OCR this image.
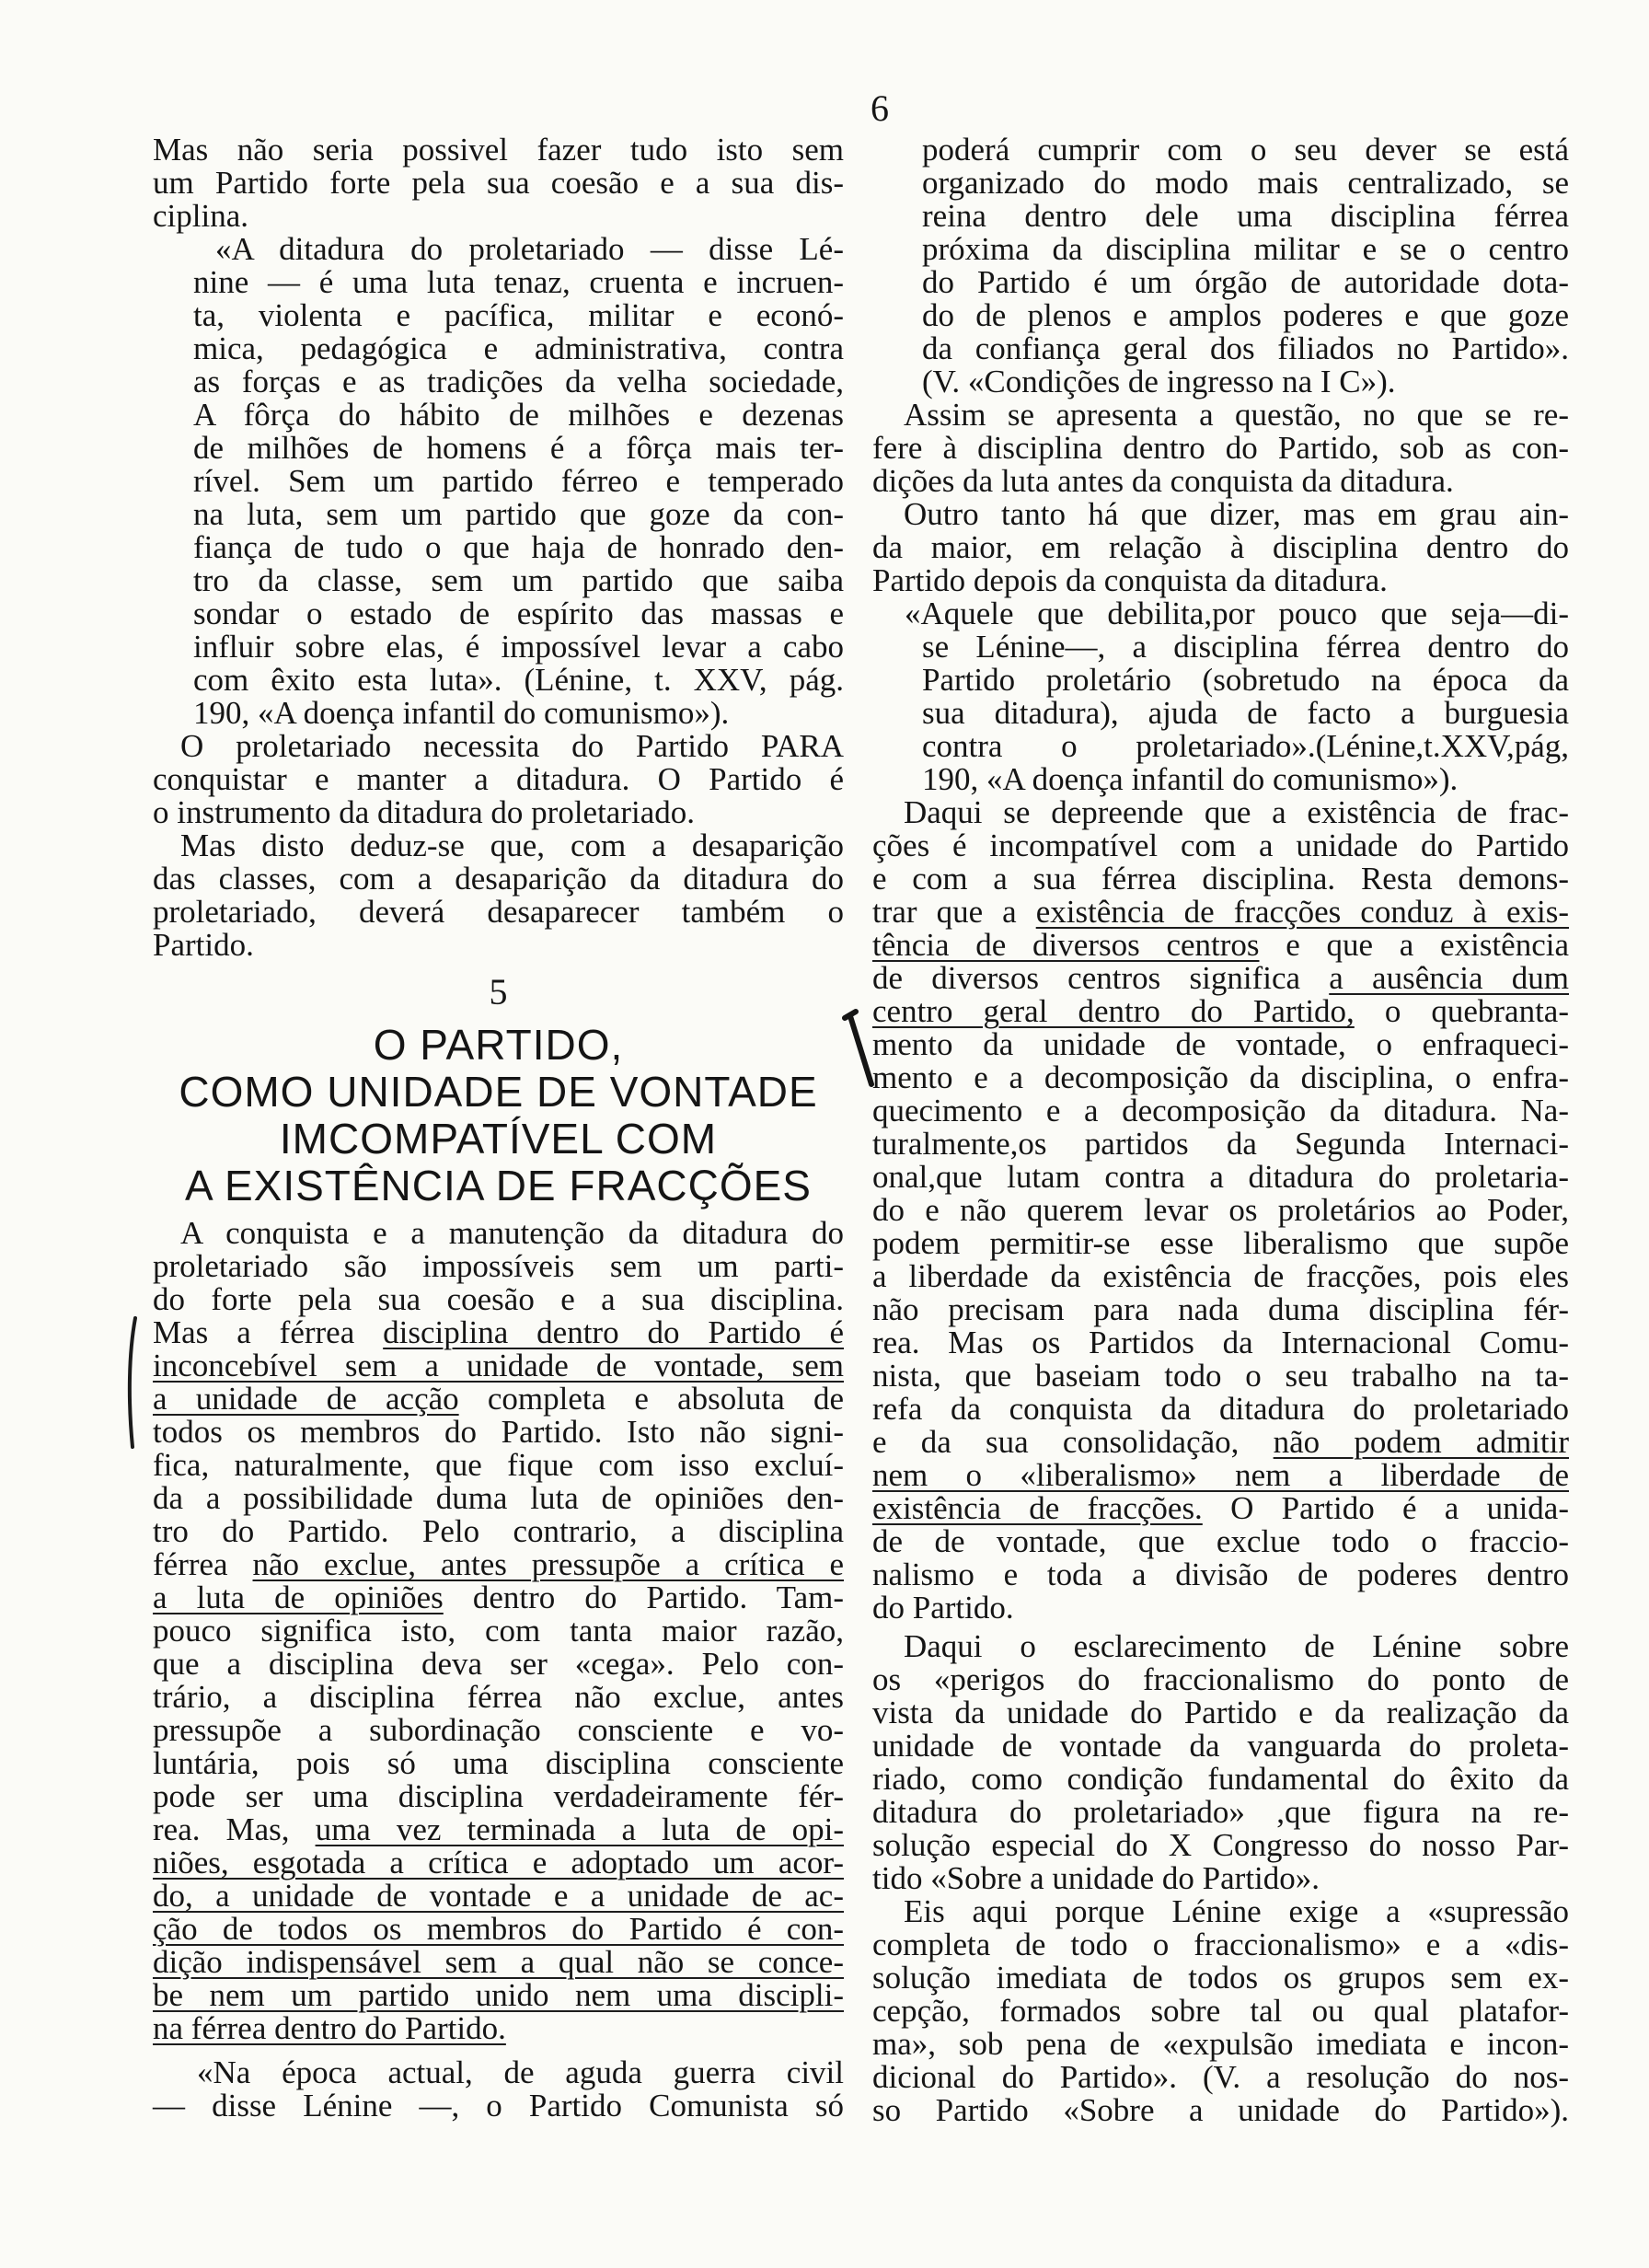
6
Mas não seria possivel fazer tudo isto sem
um Partido forte pela sua coesão e a sua dis-
ciplina.
«A ditadura do proletariado — disse Lé-
nine — é uma luta tenaz, cruenta e incruen-
ta, violenta e pacífica, militar e econó-
mica, pedagógica e administrativa, contra
as forças e as tradições da velha sociedade,
A fôrça do hábito de milhões e dezenas
de milhões de homens é a fôrça mais ter-
rível. Sem um partido férreo e temperado
na luta, sem um partido que goze da con-
fiança de tudo o que haja de honrado den-
tro da classe, sem um partido que saiba
sondar o estado de espírito das massas e
influir sobre elas, é impossível levar a cabo
com êxito esta luta». (Lénine, t. XXV, pág.
190, «A doença infantil do comunismo»).
O proletariado necessita do Partido PARA
conquistar e manter a ditadura. O Partido é
o instrumento da ditadura do proletariado.
Mas disto deduz-se que, com a desaparição
das classes, com a desaparição da ditadura do
proletariado, deverá desaparecer também o
Partido.
5
O PARTIDO,
COMO UNIDADE DE VONTADE
IMCOMPATÍVEL COM
A EXISTÊNCIA DE FRACÇÕES
A conquista e a manutenção da ditadura do
proletariado são impossíveis sem um parti-
do forte pela sua coesão e a sua disciplina.
Mas a férrea disciplina dentro do Partido é
inconcebível sem a unidade de vontade, sem
a unidade de acção completa e absoluta de
todos os membros do Partido. Isto não signi-
fica, naturalmente, que fique com isso excluí-
da a possibilidade duma luta de opiniões den-
tro do Partido. Pelo contrario, a disciplina
férrea não exclue, antes pressupõe a crítica e
a luta de opiniões dentro do Partido. Tam-
pouco significa isto, com tanta maior razão,
que a disciplina deva ser «cega». Pelo con-
trário, a disciplina férrea não exclue, antes
pressupõe a subordinação consciente e vo-
luntária, pois só uma disciplina consciente
pode ser uma disciplina verdadeiramente fér-
rea. Mas, uma vez terminada a luta de opi-
niões, esgotada a crítica e adoptado um acor-
do, a unidade de vontade e a unidade de ac-
ção de todos os membros do Partido é con-
dição indispensável sem a qual não se conce-
be nem um partido unido nem uma discipli-
na férrea dentro do Partido.
«Na época actual, de aguda guerra civil
— disse Lénine —, o Partido Comunista só
poderá cumprir com o seu dever se está
organizado do modo mais centralizado, se
reina dentro dele uma disciplina férrea
próxima da disciplina militar e se o centro
do Partido é um órgão de autoridade dota-
do de plenos e amplos poderes e que goze
da confiança geral dos filiados no Partido».
(V. «Condições de ingresso na I C»).
Assim se apresenta a questão, no que se re-
fere à disciplina dentro do Partido, sob as con-
dições da luta antes da conquista da ditadura.
Outro tanto há que dizer, mas em grau ain-
da maior, em relação à disciplina dentro do
Partido depois da conquista da ditadura.
«Aquele que debilita,por pouco que seja—di-
se Lénine—, a disciplina férrea dentro do
Partido proletário (sobretudo na época da
sua ditadura), ajuda de facto a burguesia
contra o proletariado».(Lénine,t.XXV,pág,
190, «A doença infantil do comunismo»).
Daqui se depreende que a existência de frac-
ções é incompatível com a unidade do Partido
e com a sua férrea disciplina. Resta demons-
trar que a existência de fracções conduz à exis-
tência de diversos centros e que a existência
de diversos centros significa a ausência dum
centro geral dentro do Partido, o quebranta-
mento da unidade de vontade, o enfraqueci-
mento e a decomposição da disciplina, o enfra-
quecimento e a decomposição da ditadura. Na-
turalmente,os partidos da Segunda Internaci-
onal,que lutam contra a ditadura do proletaria-
do e não querem levar os proletários ao Poder,
podem permitir-se esse liberalismo que supõe
a liberdade da existência de fracções, pois eles
não precisam para nada duma disciplina fér-
rea. Mas os Partidos da Internacional Comu-
nista, que baseiam todo o seu trabalho na ta-
refa da conquista da ditadura do proletariado
e da sua consolidação, não podem admitir
nem o «liberalismo» nem a liberdade de
existência de fracções. O Partido é a unida-
de de vontade, que exclue todo o fraccio-
nalismo e toda a divisão de poderes dentro
do Partido.
Daqui o esclarecimento de Lénine sobre
os «perigos do fraccionalismo do ponto de
vista da unidade do Partido e da realização da
unidade de vontade da vanguarda do proleta-
riado, como condição fundamental do êxito da
ditadura do proletariado» ,que figura na re-
solução especial do X Congresso do nosso Par-
tido «Sobre a unidade do Partido».
Eis aqui porque Lénine exige a «supressão
completa de todo o fraccionalismo» e a «dis-
solução imediata de todos os grupos sem ex-
cepção, formados sobre tal ou qual platafor-
ma», sob pena de «expulsão imediata e incon-
dicional do Partido». (V. a resolução do nos-
so Partido «Sobre a unidade do Partido»).
